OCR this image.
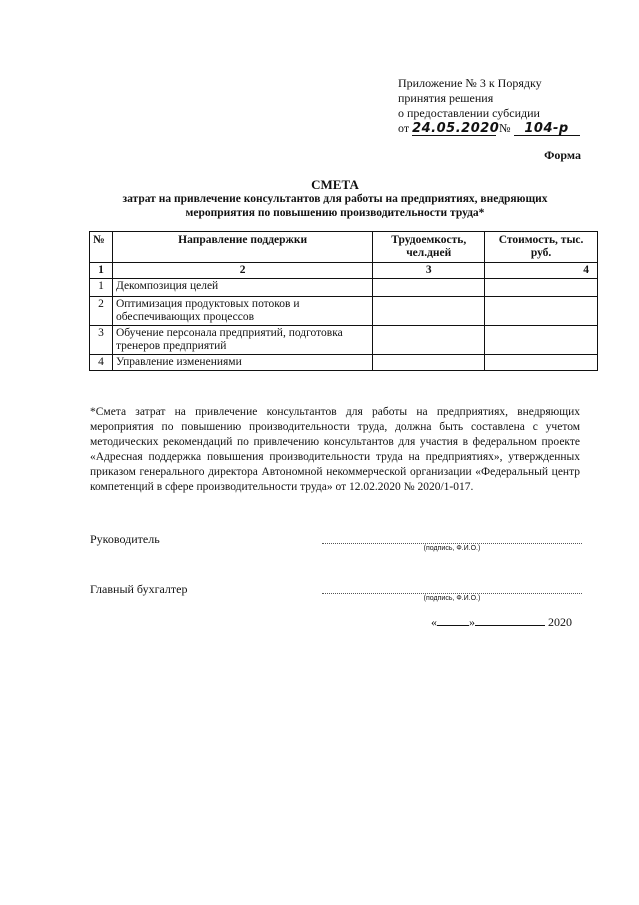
Приложение № 3 к Порядку
принятия решения
о предоставлении субсидии
от 24.05.2020 № 104-р
Форма
СМЕТА
затрат на привлечение консультантов для работы на предприятиях, внедряющих
мероприятия по повышению производительности труда*
№	Направление поддержки	Трудоемкость, чел.дней	Стоимость, тыс. руб.
1	2	3	4
1	Декомпозиция целей		
2	Оптимизация продуктовых потоков и обеспечивающих процессов		
3	Обучение персонала предприятий, подготовка тренеров предприятий		
4	Управление изменениями		
*Смета затрат на привлечение консультантов для работы на предприятиях, внедряющих мероприятия по повышению производительности труда, должна быть составлена с учетом методических рекомендаций по привлечению консультантов для участия в федеральном проекте «Адресная поддержка повышения производительности труда на предприятиях», утвержденных приказом генерального директора Автономной некоммерческой организации «Федеральный центр компетенций в сфере производительности труда» от 12.02.2020 № 2020/1-017.
Руководитель
(подпись, Ф.И.О.)
Главный бухгалтер
(подпись, Ф.И.О.)
«	»	2020
